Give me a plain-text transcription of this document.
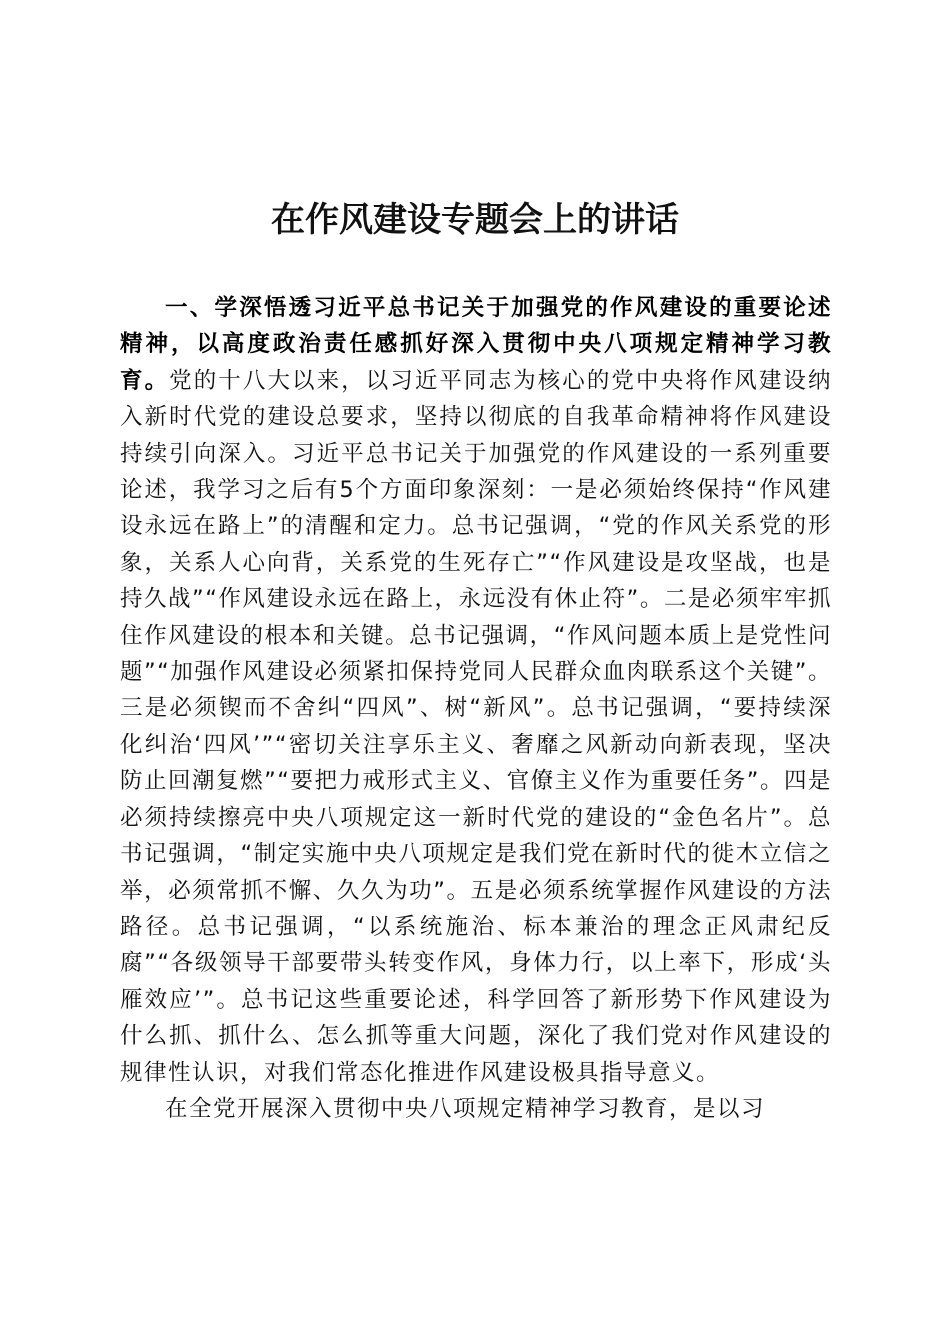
在作风建设专题会上的讲话

一、学深悟透习近平总书记关于加强党的作风建设的重要论述精神，以高度政治责任感抓好深入贯彻中央八项规定精神学习教育。党的十八大以来，以习近平同志为核心的党中央将作风建设纳入新时代党的建设总要求，坚持以彻底的自我革命精神将作风建设持续引向深入。习近平总书记关于加强党的作风建设的一系列重要论述，我学习之后有5个方面印象深刻：一是必须始终保持“作风建设永远在路上”的清醒和定力。总书记强调，“党的作风关系党的形象，关系人心向背，关系党的生死存亡”“作风建设是攻坚战，也是持久战”“作风建设永远在路上，永远没有休止符”。二是必须牢牢抓住作风建设的根本和关键。总书记强调，“作风问题本质上是党性问题”“加强作风建设必须紧扣保持党同人民群众血肉联系这个关键”。三是必须锲而不舍纠“四风”、树“新风”。总书记强调，“要持续深化纠治‘四风’”“密切关注享乐主义、奢靡之风新动向新表现，坚决防止回潮复燃”“要把力戒形式主义、官僚主义作为重要任务”。四是必须持续擦亮中央八项规定这一新时代党的建设的“金色名片”。总书记强调，“制定实施中央八项规定是我们党在新时代的徙木立信之举，必须常抓不懈、久久为功”。五是必须系统掌握作风建设的方法路径。总书记强调，“以系统施治、标本兼治的理念正风肃纪反腐”“各级领导干部要带头转变作风，身体力行，以上率下，形成‘头雁效应’”。总书记这些重要论述，科学回答了新形势下作风建设为什么抓、抓什么、怎么抓等重大问题，深化了我们党对作风建设的规律性认识，对我们常态化推进作风建设极具指导意义。

在全党开展深入贯彻中央八项规定精神学习教育，是以习
